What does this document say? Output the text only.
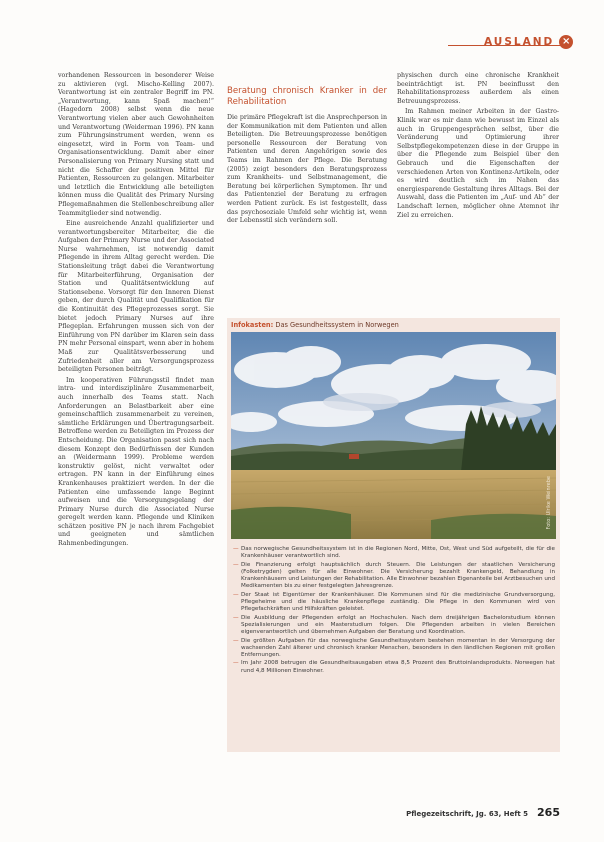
AUSLAND ×

vorhandenen Ressourcen in besonderer Weise zu aktivieren (vgl. Mischo-Kelling 2007). Verantwortung ist ein zentraler Begriff im PN. „Verantwortung, kann Spaß machen!“ (Hagedorn 2008) selbst wenn die neue Verantwortung vielen aber auch Gewohnheiten und Verantwortung (Weiderman 1996). PN kann zum Führungsinstrument werden, wenn es eingesetzt, wird in Form von Team- und Organisationsentwicklung. Damit aber einer Personalisierung von Primary Nursing statt und nicht die Schaffer der positiven Mittel für Patienten, Ressourcen zu gelangen. Mitarbeiter und letztlich die Entwicklung alle beteiligten können muss die Qualität des Primary Nursing Pflegemaßnahmen die Stellenbeschreibung aller Teammitglieder sind notwendig.

Eine ausreichende Anzahl qualifizierter und verantwortungsbereiter Mitarbeiter, die die Aufgaben der Primary Nurse und der Associated Nurse wahrnehmen, ist notwendig damit Pflegende in ihrem Alltag gerecht werden. Die Stationsleitung trägt dabei die Verantwortung für Mitarbeiterführung, Organisation der Station und Qualitätsentwicklung auf Stationsebene. Vorsorgt für den Inneren Dienst geben, der durch Qualität und Qualifikation für die Kontinuität des Pflegeprozesses sorgt. Sie bietet jedoch Primary Nurses auf ihre Pflegeplan. Erfahrungen mussen sich von der Einführung von PN darüber im Klaren sein dass PN mehr Personal einspart, wenn aber in hohem Maß zur Qualitätsverbesserung und Zufriedenheit aller am Versorgungsprozess beteiligten Personen beiträgt.

Im kooperativen Führungsstil findet man intra- und interdisziplinäre Zusammenarbeit, auch innerhalb des Teams statt. Nach Anforderungen an Belastbarkeit aber eine gemeinschaftlich zusammenarbeit zu vereinen, sämtliche Erklärungen und Übertragungsarbeit. Betroffene werden zu Beteiligten im Prozess der Entscheidung. Die Organisation passt sich nach diesem Konzept den Bedürfnissen der Kunden an (Weidermann 1999). Probleme werden konstruktiv gelöst, nicht verwaltet oder ertragen. PN kann in der Einführung eines Krankenhauses praktiziert werden. In der die Patienten eine umfassende lange Beginnt aufweisen und die Versorgungsgelang der Primary Nurse durch die Associated Nurse geregelt werden kann. Pflegende und Kliniken schätzen positive PN je nach ihrem Fachgebiet und geeigneten und sämtlichen Rahmenbedingungen.

Beratung chronisch Kranker in der Rehabilitation

Die primäre Pflegekraft ist die Ansprechperson in der Kommunikation mit dem Patienten und allen Beteiligten. Die Betreuungsprozesse benötigen personelle Ressourcen der Beratung von Patienten und deren Angehörigen sowie des Teams im Rahmen der Pflege. Die Beratung (2005) zeigt besonders den Beratungsprozess zum Krankheits- und Selbstmanagement, die Beratung bei körperlichen Symptomen. Ihr und das Patientenziel der Beratung zu erfragen werden Patient zurück. Es ist festgestellt, dass das psychosoziale Umfeld sehr wichtig ist, wenn der Lebensstil sich verändern soll.

physischen durch eine chronische Krankheit beeinträchtigt ist. PN beeinflusst den Rehabilitationsprozess außerdem als einen Betreuungsprozess.

Im Rahmen meiner Arbeiten in der Gastro-Klinik war es mir dann wie bewusst im Einzel als auch in Gruppengesprächen selbst, über die Veränderung und Optimierung ihrer Selbstpflegekompetenzen diese in der Gruppe in über die Pflegende zum Beispiel über den Gebrauch und die Eigenschaften der verschiedenen Arten von Kontinenz-Artikeln, oder es wird deutlich sich im Nahen das energiesparende Gestaltung ihres Alltags. Bei der Auswahl, dass die Patienten im „Auf- und Ab“ der Landschaft lernen, möglicher ohne Atemnot ihr Ziel zu erreichen.

Infokasten: Das Gesundheitssystem in Norwegen
Foto: Ulrike Weinrebe
— Das norwegische Gesundheitssystem ist in die Regionen Nord, Mitte, Ost, West und Süd aufgeteilt, die für die Krankenhäuser verantwortlich sind.
— Die Finanzierung erfolgt hauptsächlich durch Steuern. Die Leistungen der staatlichen Versicherung (Folketrygden) gelten für alle Einwohner. Die Versicherung bezahlt Krankengeld, Behandlung in Krankenhäusern und Leistungen der Rehabilitation. Alle Einwohner bezahlen Eigenanteile bei Arztbesuchen und Medikamenten bis zu einer festgelegten Jahresgrenze.
— Der Staat ist Eigentümer der Krankenhäuser. Die Kommunen sind für die medizinische Grundversorgung, Pflegeheime und die häusliche Krankenpflege zuständig. Die Pflege in den Kommunen wird von Pflegefachkräften und Hilfskräften geleistet.
— Die Ausbildung der Pflegenden erfolgt an Hochschulen. Nach dem dreijährigen Bachelorstudium können Spezialisierungen und ein Masterstudium folgen. Die Pflegenden arbeiten in vielen Bereichen eigenverantwortlich und übernehmen Aufgaben der Beratung und Koordination.
— Die größten Aufgaben für das norwegische Gesundheitssystem bestehen momentan in der Versorgung der wachsenden Zahl älterer und chronisch kranker Menschen, besonders in den ländlichen Regionen mit großen Entfernungen.
— Im Jahr 2008 betrugen die Gesundheitsausgaben etwa 8,5 Prozent des Bruttoinlandsprodukts. Norwegen hat rund 4,8 Millionen Einwohner.
Pflegezeitschrift, Jg. 63, Heft 5 265
